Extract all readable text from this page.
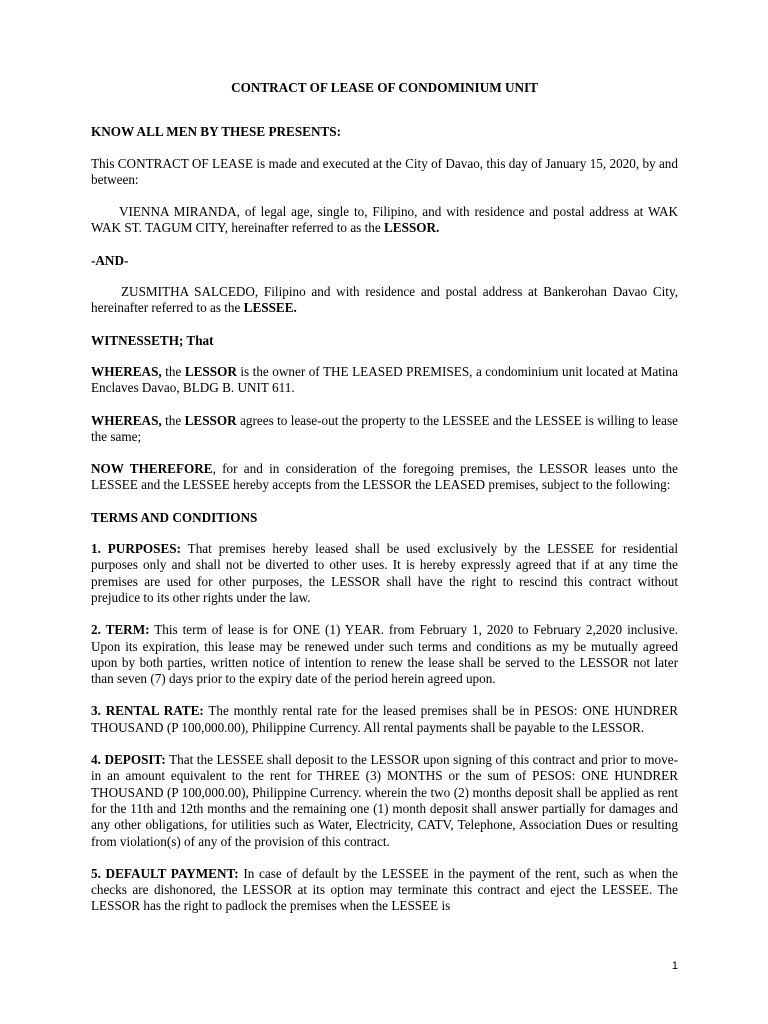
CONTRACT OF LEASE OF CONDOMINIUM UNIT

KNOW ALL MEN BY THESE PRESENTS:

This CONTRACT OF LEASE is made and executed at the City of Davao, this day of January 15, 2020, by and between:

VIENNA MIRANDA, of legal age, single to, Filipino, and with residence and postal address at WAK WAK ST. TAGUM CITY, hereinafter referred to as the LESSOR.

-AND-

ZUSMITHA SALCEDO, Filipino and with residence and postal address at Bankerohan Davao City, hereinafter referred to as the LESSEE.

WITNESSETH; That

WHEREAS, the LESSOR is the owner of THE LEASED PREMISES, a condominium unit located at Matina Enclaves Davao, BLDG B. UNIT 611.

WHEREAS, the LESSOR agrees to lease-out the property to the LESSEE and the LESSEE is willing to lease the same;

NOW THEREFORE, for and in consideration of the foregoing premises, the LESSOR leases unto the LESSEE and the LESSEE hereby accepts from the LESSOR the LEASED premises, subject to the following:

TERMS AND CONDITIONS

1. PURPOSES: That premises hereby leased shall be used exclusively by the LESSEE for residential purposes only and shall not be diverted to other uses. It is hereby expressly agreed that if at any time the premises are used for other purposes, the LESSOR shall have the right to rescind this contract without prejudice to its other rights under the law.

2. TERM: This term of lease is for ONE (1) YEAR. from February 1, 2020 to February 2,2020 inclusive. Upon its expiration, this lease may be renewed under such terms and conditions as my be mutually agreed upon by both parties, written notice of intention to renew the lease shall be served to the LESSOR not later than seven (7) days prior to the expiry date of the period herein agreed upon.

3. RENTAL RATE: The monthly rental rate for the leased premises shall be in PESOS: ONE HUNDRER THOUSAND (P 100,000.00), Philippine Currency. All rental payments shall be payable to the LESSOR.

4. DEPOSIT: That the LESSEE shall deposit to the LESSOR upon signing of this contract and prior to move-in an amount equivalent to the rent for THREE (3) MONTHS or the sum of PESOS: ONE HUNDRER THOUSAND (P 100,000.00), Philippine Currency. wherein the two (2) months deposit shall be applied as rent for the 11th and 12th months and the remaining one (1) month deposit shall answer partially for damages and any other obligations, for utilities such as Water, Electricity, CATV, Telephone, Association Dues or resulting from violation(s) of any of the provision of this contract.

5. DEFAULT PAYMENT: In case of default by the LESSEE in the payment of the rent, such as when the checks are dishonored, the LESSOR at its option may terminate this contract and eject the LESSEE. The LESSOR has the right to padlock the premises when the LESSEE is

1
